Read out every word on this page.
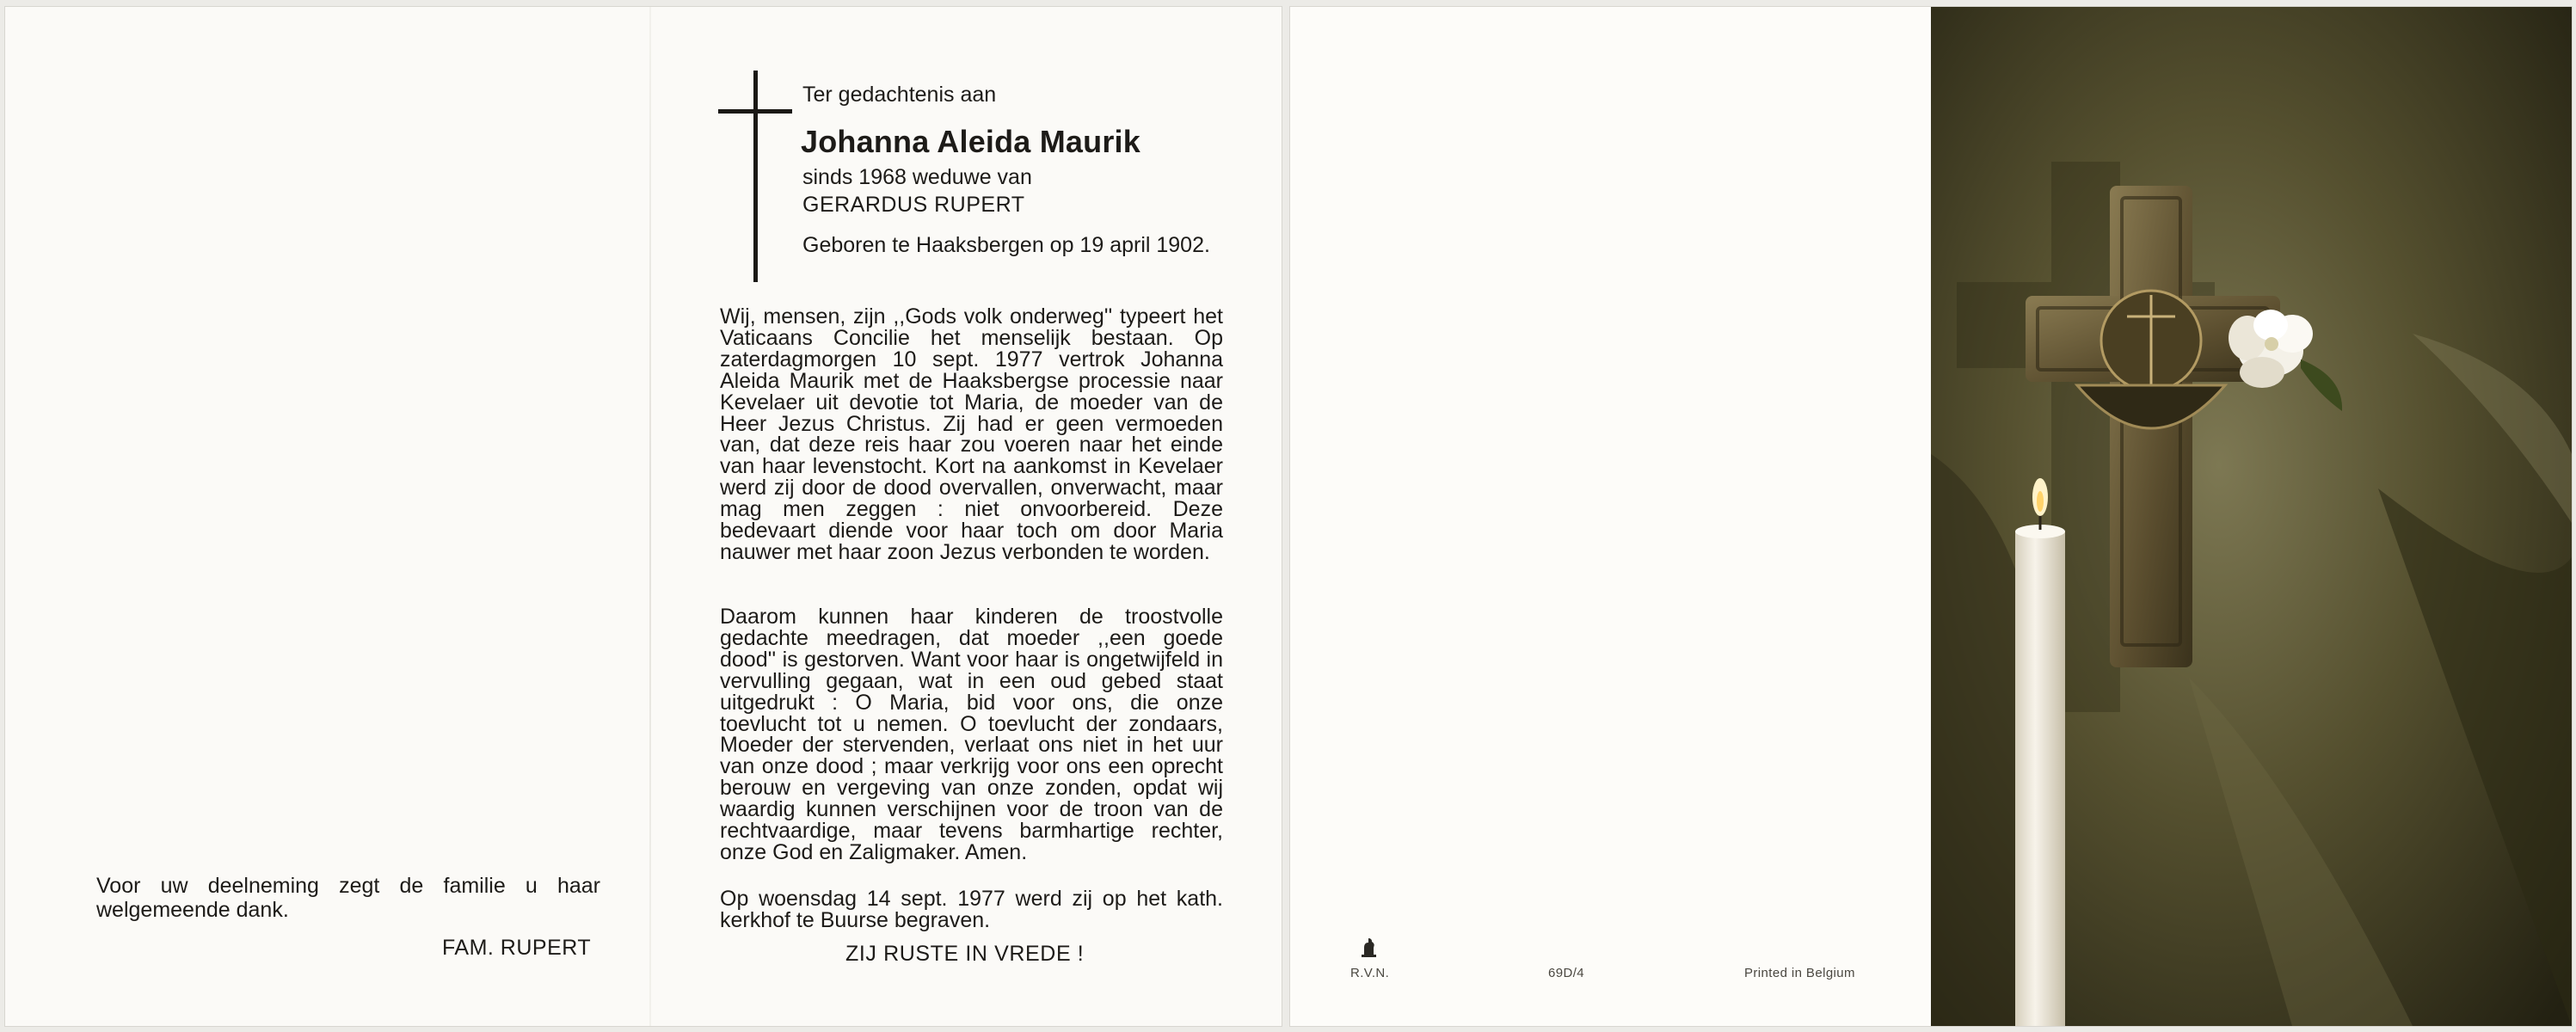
Voor uw deelneming zegt de familie u haar welgemeende dank.

FAM. RUPERT

Ter gedachtenis aan

Johanna Aleida Maurik

sinds 1968 weduwe van

GERARDUS RUPERT

Geboren te Haaksbergen op 19 april 1902.

Wij, mensen, zijn ,,Gods volk onderweg'' typeert het Vaticaans Concilie het menselijk bestaan. Op zaterdagmorgen 10 sept. 1977 vertrok Johanna Aleida Maurik met de Haaksbergse processie naar Kevelaer uit devotie tot Maria, de moeder van de Heer Jezus Christus. Zij had er geen vermoeden van, dat deze reis haar zou voeren naar het einde van haar levenstocht. Kort na aankomst in Kevelaer werd zij door de dood overvallen, onverwacht, maar mag men zeggen : niet onvoorbereid. Deze bedevaart diende voor haar toch om door Maria nauwer met haar zoon Jezus verbonden te worden.

Daarom kunnen haar kinderen de troostvolle gedachte meedragen, dat moeder ,,een goede dood'' is gestorven. Want voor haar is ongetwijfeld in vervulling gegaan, wat in een oud gebed staat uitgedrukt : O Maria, bid voor ons, die onze toevlucht tot u nemen. O toevlucht der zondaars, Moeder der stervenden, verlaat ons niet in het uur van onze dood ; maar verkrijg voor ons een oprecht berouw en vergeving van onze zonden, opdat wij waardig kunnen verschijnen voor de troon van de rechtvaardige, maar tevens barmhartige rechter, onze God en Zaligmaker. Amen.

Op woensdag 14 sept. 1977 werd zij op het kath. kerkhof te Buurse begraven.

ZIJ RUSTE IN VREDE !

R.V.N.	69D/4	Printed in Belgium
